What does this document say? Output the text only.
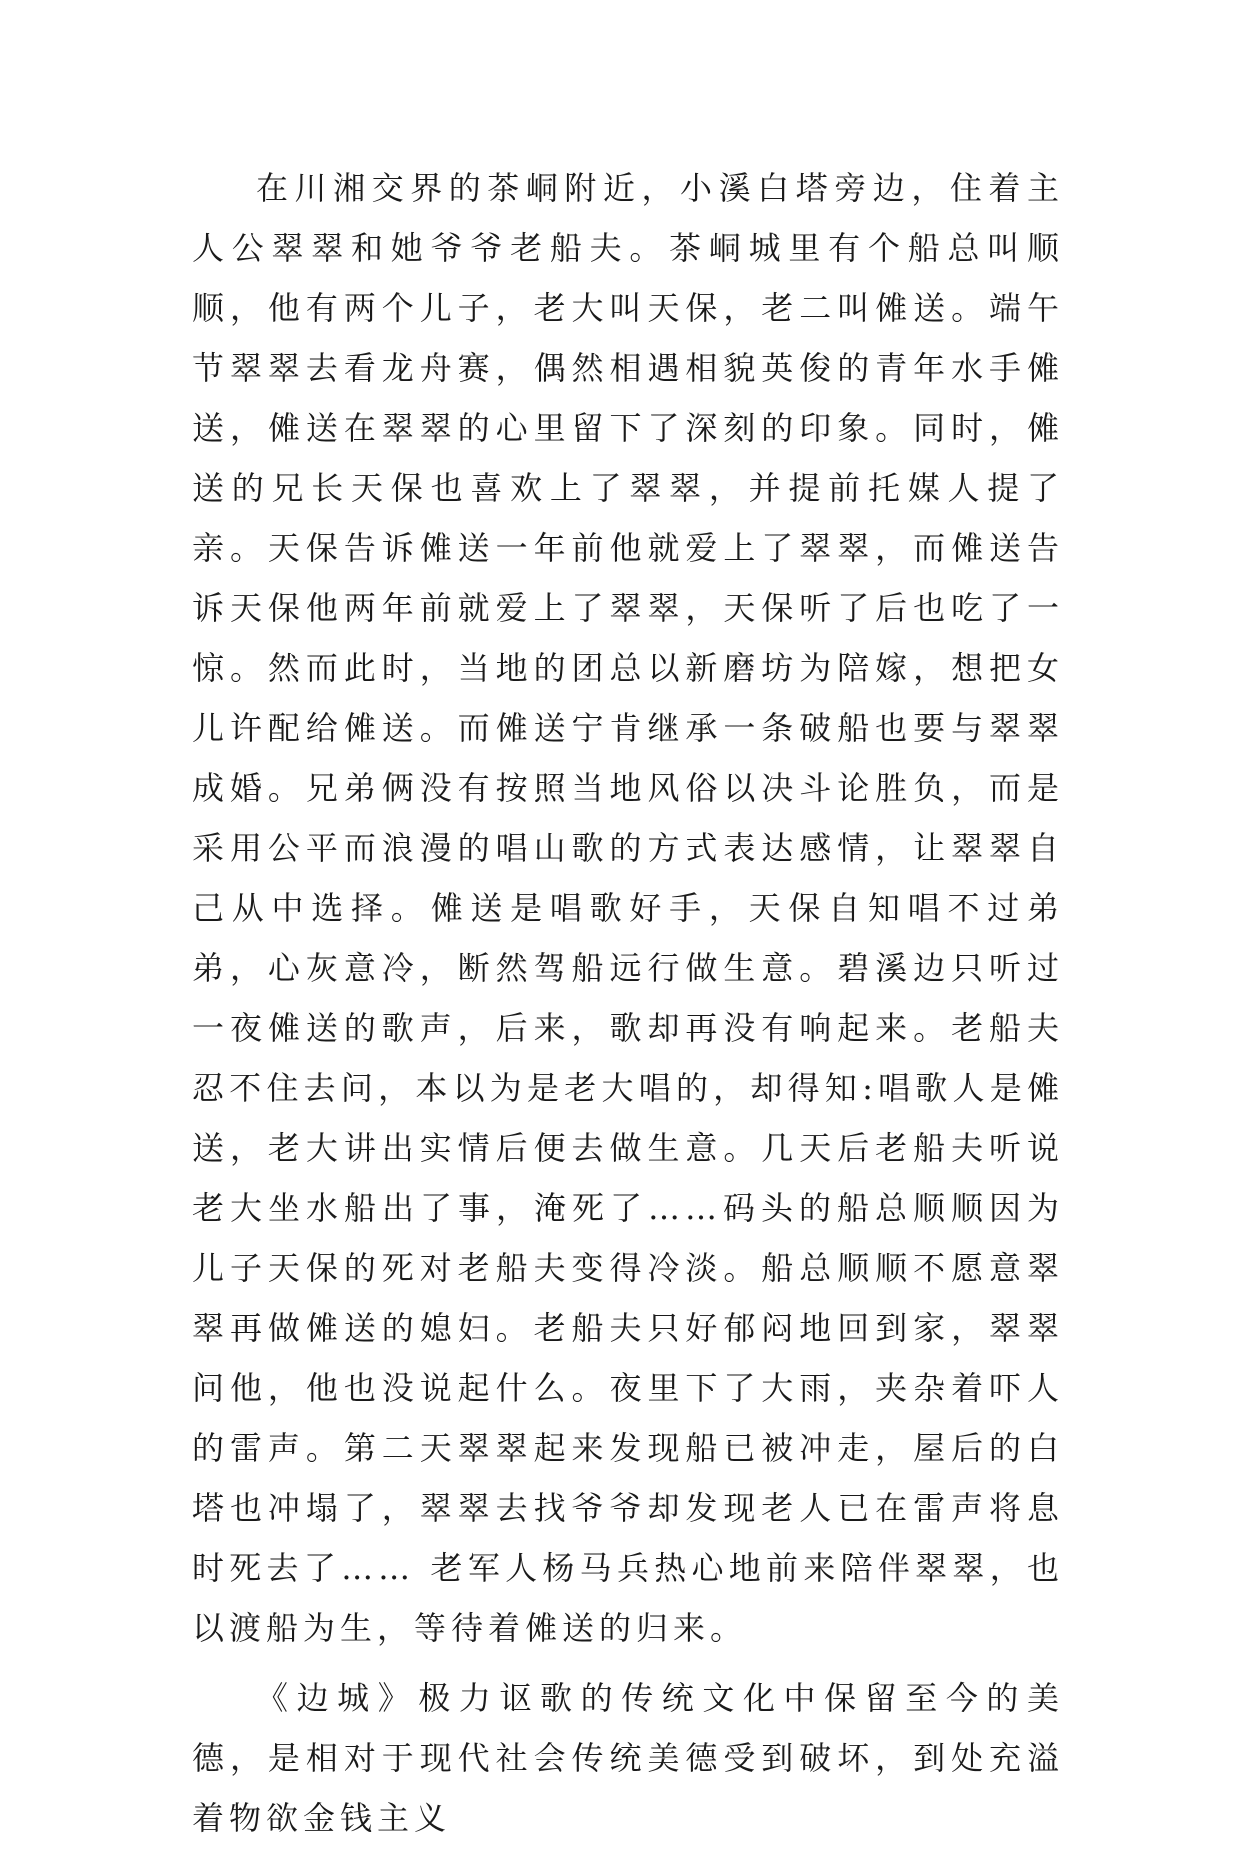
在川湘交界的茶峒附近，小溪白塔旁边，住着主人公翠翠和她爷爷老船夫。茶峒城里有个船总叫顺顺，他有两个儿子，老大叫天保，老二叫傩送。端午节翠翠去看龙舟赛，偶然相遇相貌英俊的青年水手傩送，傩送在翠翠的心里留下了深刻的印象。同时，傩送的兄长天保也喜欢上了翠翠，并提前托媒人提了亲。天保告诉傩送一年前他就爱上了翠翠，而傩送告诉天保他两年前就爱上了翠翠，天保听了后也吃了一惊。然而此时，当地的团总以新磨坊为陪嫁，想把女儿许配给傩送。而傩送宁肯继承一条破船也要与翠翠成婚。兄弟俩没有按照当地风俗以决斗论胜负，而是采用公平而浪漫的唱山歌的方式表达感情，让翠翠自己从中选择。傩送是唱歌好手，天保自知唱不过弟弟，心灰意冷，断然驾船远行做生意。碧溪边只听过一夜傩送的歌声，后来，歌却再没有响起来。老船夫忍不住去问，本以为是老大唱的，却得知:唱歌人是傩送，老大讲出实情后便去做生意。几天后老船夫听说老大坐水船出了事，淹死了……码头的船总顺顺因为儿子天保的死对老船夫变得冷淡。船总顺顺不愿意翠翠再做傩送的媳妇。老船夫只好郁闷地回到家，翠翠问他，他也没说起什么。夜里下了大雨，夹杂着吓人的雷声。第二天翠翠起来发现船已被冲走，屋后的白塔也冲塌了，翠翠去找爷爷却发现老人已在雷声将息时死去了…… 老军人杨马兵热心地前来陪伴翠翠，也以渡船为生，等待着傩送的归来。

《边城》极力讴歌的传统文化中保留至今的美德，是相对于现代社会传统美德受到破坏，到处充溢着物欲金钱主义
